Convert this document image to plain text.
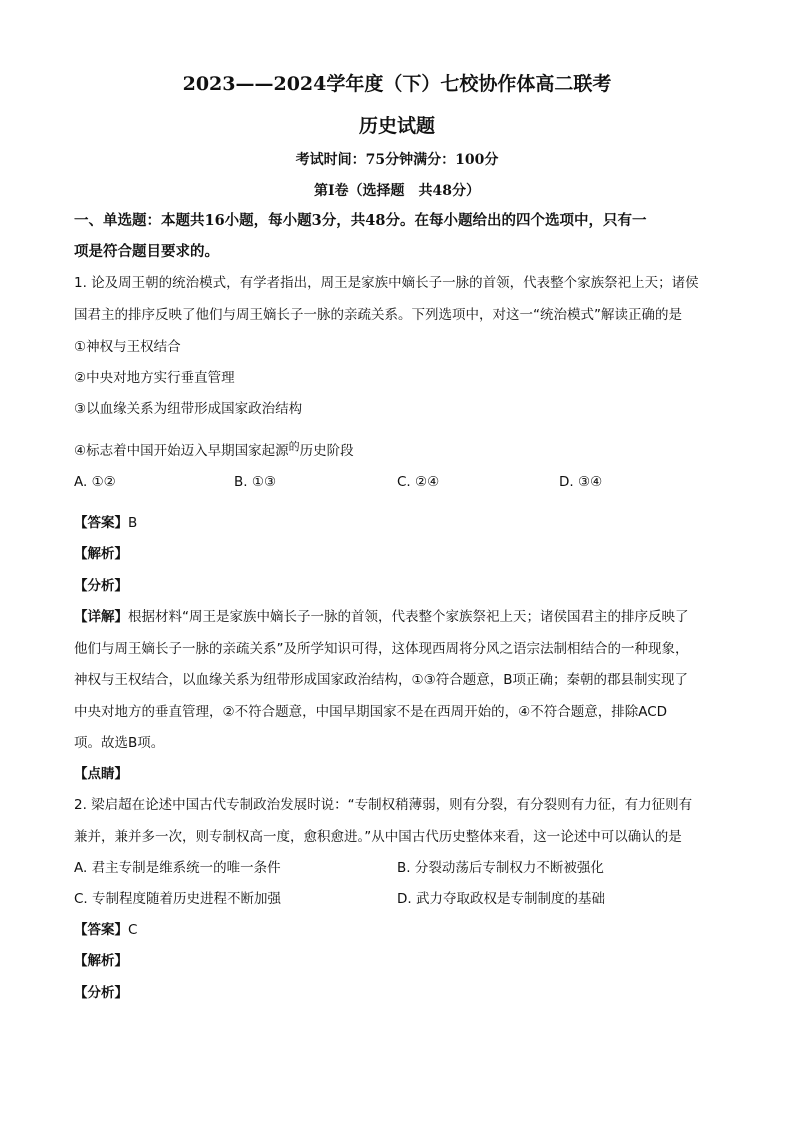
2023——2024学年度（下）七校协作体高二联考
历史试题
考试时间：75分钟满分：100分
第Ⅰ卷（选择题　共48分）
一、单选题：本题共16小题，每小题3分，共48分。在每小题给出的四个选项中，只有一
项是符合题目要求的。
1. 论及周王朝的统治模式，有学者指出，周王是家族中嫡长子一脉的首领，代表整个家族祭祀上天；诸侯
国君主的排序反映了他们与周王嫡长子一脉的亲疏关系。下列选项中，对这一“统治模式”解读正确的是
①神权与王权结合
②中央对地方实行垂直管理
③以血缘关系为纽带形成国家政治结构
④标志着中国开始迈入早期国家起源$^的$历史阶段
A. ①②	B. ①③	C. ②④	D. ③④
【答案】B
【解析】
【分析】
【详解】根据材料“周王是家族中嫡长子一脉的首领，代表整个家族祭祀上天；诸侯国君主的排序反映了
他们与周王嫡长子一脉的亲疏关系”及所学知识可得，这体现西周将分风之语宗法制相结合的一种现象，
神权与王权结合，以血缘关系为纽带形成国家政治结构，①③符合题意，B项正确；秦朝的郡县制实现了
中央对地方的垂直管理，②不符合题意，中国早期国家不是在西周开始的，④不符合题意，排除ACD
项。故选B项。
【点睛】
2. 梁启超在论述中国古代专制政治发展时说：“专制权稍薄弱，则有分裂，有分裂则有力征，有力征则有
兼并，兼并多一次，则专制权高一度，愈积愈进。”从中国古代历史整体来看，这一论述中可以确认的是
A. 君主专制是维系统一的唯一条件	B. 分裂动荡后专制权力不断被强化
C. 专制程度随着历史进程不断加强	D. 武力夺取政权是专制制度的基础
【答案】C
【解析】
【分析】
